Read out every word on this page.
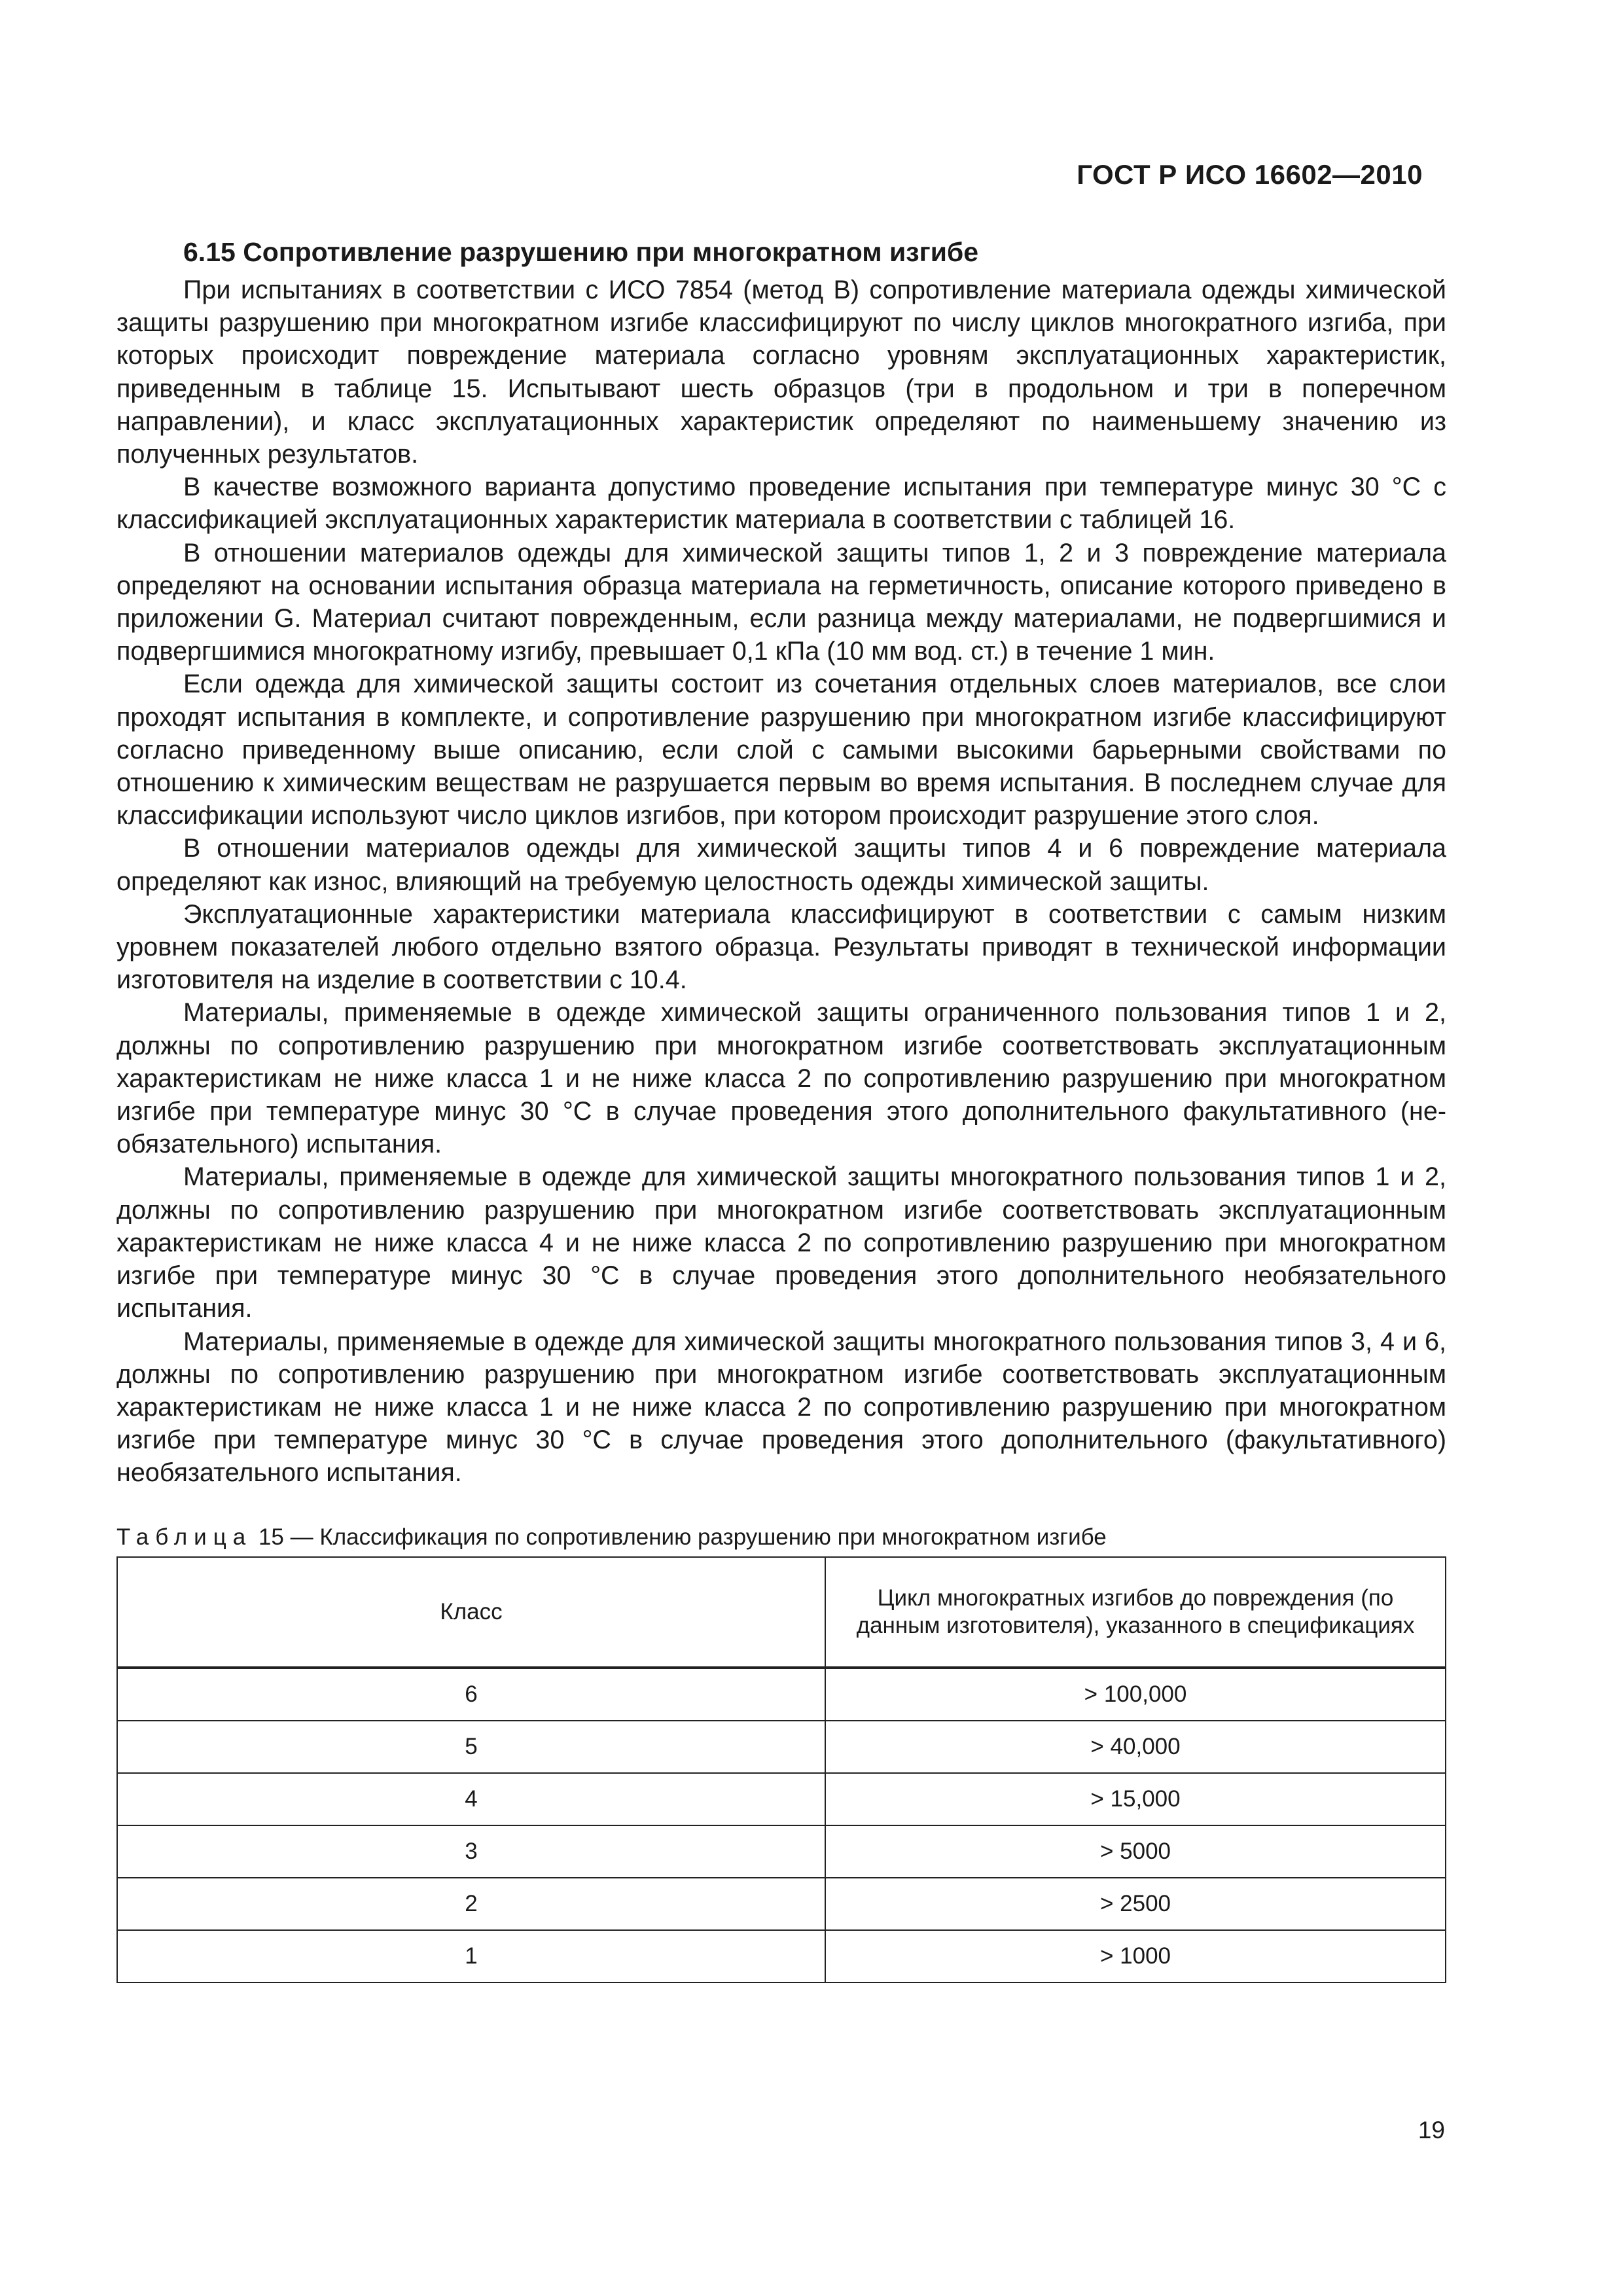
ГОСТ Р ИСО 16602—2010
6.15 Сопротивление разрушению при многократном изгибе

При испытаниях в соответствии с ИСО 7854 (метод В) сопротивление материала одежды химической защиты разрушению при многократном изгибе классифицируют по числу циклов многократного изгиба, при которых происходит повреждение материала согласно уровням эксплуатационных характеристик, приведенным в таблице 15. Испытывают шесть образцов (три в продольном и три в поперечном направлении), и класс эксплуатационных характеристик определяют по наименьшему значению из полученных результатов.

В качестве возможного варианта допустимо проведение испытания при температуре минус 30 °С с классификацией эксплуатационных характеристик материала в соответствии с таблицей 16.

В отношении материалов одежды для химической защиты типов 1, 2 и 3 повреждение материала определяют на основании испытания образца материала на герметичность, описание которого приведено в приложении G. Материал считают поврежденным, если разница между материалами, не подвергшимися и подвергшимися многократному изгибу, превышает 0,1 кПа (10 мм вод. ст.) в течение 1 мин.

Если одежда для химической защиты состоит из сочетания отдельных слоев материалов, все слои проходят испытания в комплекте, и сопротивление разрушению при многократном изгибе классифицируют согласно приведенному выше описанию, если слой с самыми высокими барьерными свойствами по отношению к химическим веществам не разрушается первым во время испытания. В последнем случае для классификации используют число циклов изгибов, при котором происходит разрушение этого слоя.

В отношении материалов одежды для химической защиты типов 4 и 6 повреждение материала определяют как износ, влияющий на требуемую целостность одежды химической защиты.

Эксплуатационные характеристики материала классифицируют в соответствии с самым низким уровнем показателей любого отдельно взятого образца. Результаты приводят в технической информации изготовителя на изделие в соответствии с 10.4.

Материалы, применяемые в одежде химической защиты ограниченного пользования типов 1 и 2, должны по сопротивлению разрушению при многократном изгибе соответствовать эксплуатационным характеристикам не ниже класса 1 и не ниже класса 2 по сопротивлению разрушению при многократном изгибе при температуре минус 30 °С в случае проведения этого дополнительного факультативного (необязательного) испытания.

Материалы, применяемые в одежде для химической защиты многократного пользования типов 1 и 2, должны по сопротивлению разрушению при многократном изгибе соответствовать эксплуатационным характеристикам не ниже класса 4 и не ниже класса 2 по сопротивлению разрушению при многократном изгибе при температуре минус 30 °С в случае проведения этого дополнительного необязательного испытания.

Материалы, применяемые в одежде для химической защиты многократного пользования типов 3, 4 и 6, должны по сопротивлению разрушению при многократном изгибе соответствовать эксплуатационным характеристикам не ниже класса 1 и не ниже класса 2 по сопротивлению разрушению при многократном изгибе при температуре минус 30 °С в случае проведения этого дополнительного (факультативного) необязательного испытания.

Таблица 15 — Классификация по сопротивлению разрушению при многократном изгибе
Класс	Цикл многократных изгибов до повреждения (по данным изготовителя), указанного в спецификациях
6	> 100,000
5	> 40,000
4	> 15,000
3	> 5000
2	> 2500
1	> 1000
19
